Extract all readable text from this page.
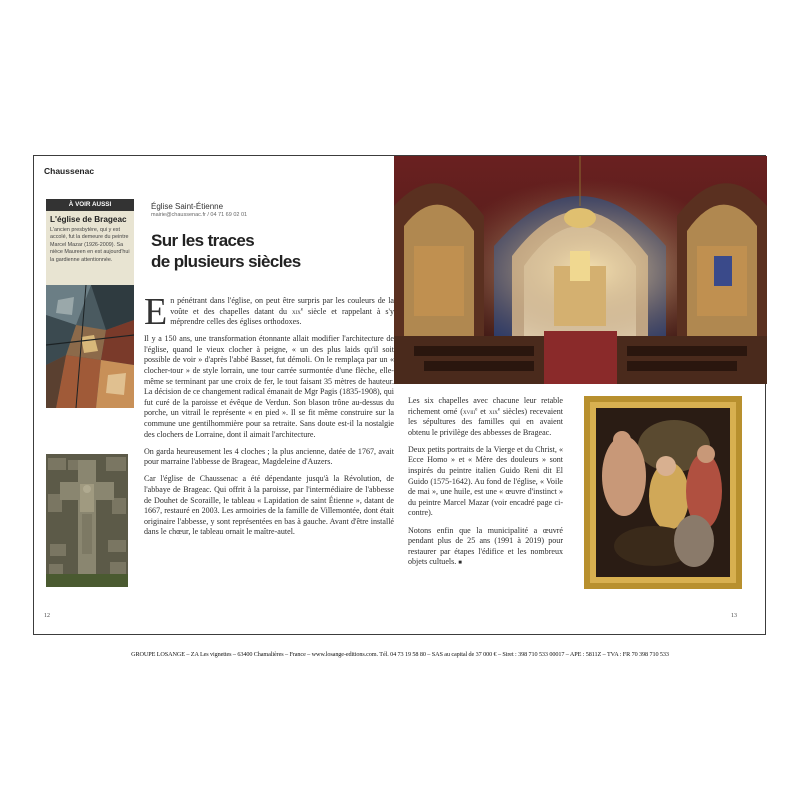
Chaussenac
À VOIR AUSSI
L'église de Brageac
L'ancien presbytère, qui y est accolé, fut la demeure du peintre Marcel Mazar (1926-2009). Sa nièce Maureen en est aujourd'hui la gardienne attentionnée.
Église Saint-Étienne
mairie@chaussenac.fr / 04 71 69 02 01
Sur les traces
de plusieurs siècles

En pénétrant dans l'église, on peut être surpris par les couleurs de la voûte et des chapelles datant du xix$^e$ siècle et rappelant à s'y méprendre celles des églises orthodoxes.

Il y a 150 ans, une transformation étonnante allait modifier l'architecture de l'église, quand le vieux clocher à peigne, « un des plus laids qu'il soit possible de voir » d'après l'abbé Basset, fut démoli. On le remplaça par un « clocher-tour » de style lorrain, une tour carrée surmontée d'une flèche, elle-même se terminant par une croix de fer, le tout faisant 35 mètres de hauteur. La décision de ce changement radical émanait de Mgr Pagis (1835-1908), qui fut curé de la paroisse et évêque de Verdun. Son blason trône au-dessus du porche, un vitrail le représente « en pied ». Il se fit même construire sur la commune une gentilhommière pour sa retraite. Sans doute est-il la nostalgie des clochers de Lorraine, dont il aimait l'architecture.

On garda heureusement les 4 cloches ; la plus ancienne, datée de 1767, avait pour marraine l'abbesse de Brageac, Magdeleine d'Auzers.

Car l'église de Chaussenac a été dépendante jusqu'à la Révolution, de l'abbaye de Brageac. Qui offrit à la paroisse, par l'intermédiaire de l'abbesse de Douhet de Scoraille, le tableau « Lapidation de saint Étienne », datant de 1667, restauré en 2003. Les armoiries de la famille de Villemontée, dont était originaire l'abbesse, y sont représentées en bas à gauche. Avant d'être installé dans le chœur, le tableau ornait le maître-autel.

Les six chapelles avec chacune leur retable richement orné (xviii$^e$ et xix$^e$ siècles) recevaient les sépultures des familles qui en avaient obtenu le privilège des abbesses de Brageac.

Deux petits portraits de la Vierge et du Christ, « Ecce Homo » et « Mère des douleurs » sont inspirés du peintre italien Guido Reni dit El Guido (1575-1642). Au fond de l'église, « Voile de mai », une huile, est une « œuvre d'instinct » du peintre Marcel Mazar (voir encadré page ci-contre).

Notons enfin que la municipalité a œuvré pendant plus de 25 ans (1991 à 2019) pour restaurer par étapes l'édifice et les nombreux objets cultuels. ■

12	13
GROUPE LOSANGE – ZA Les vignettes – 63400 Chamalières – France – www.losange-editions.com. Tél. 04 73 19 58 80 – SAS au capital de 37 000 € – Siret : 398 710 533 00017 – APE : 5811Z – TVA : FR 70 398 710 533
